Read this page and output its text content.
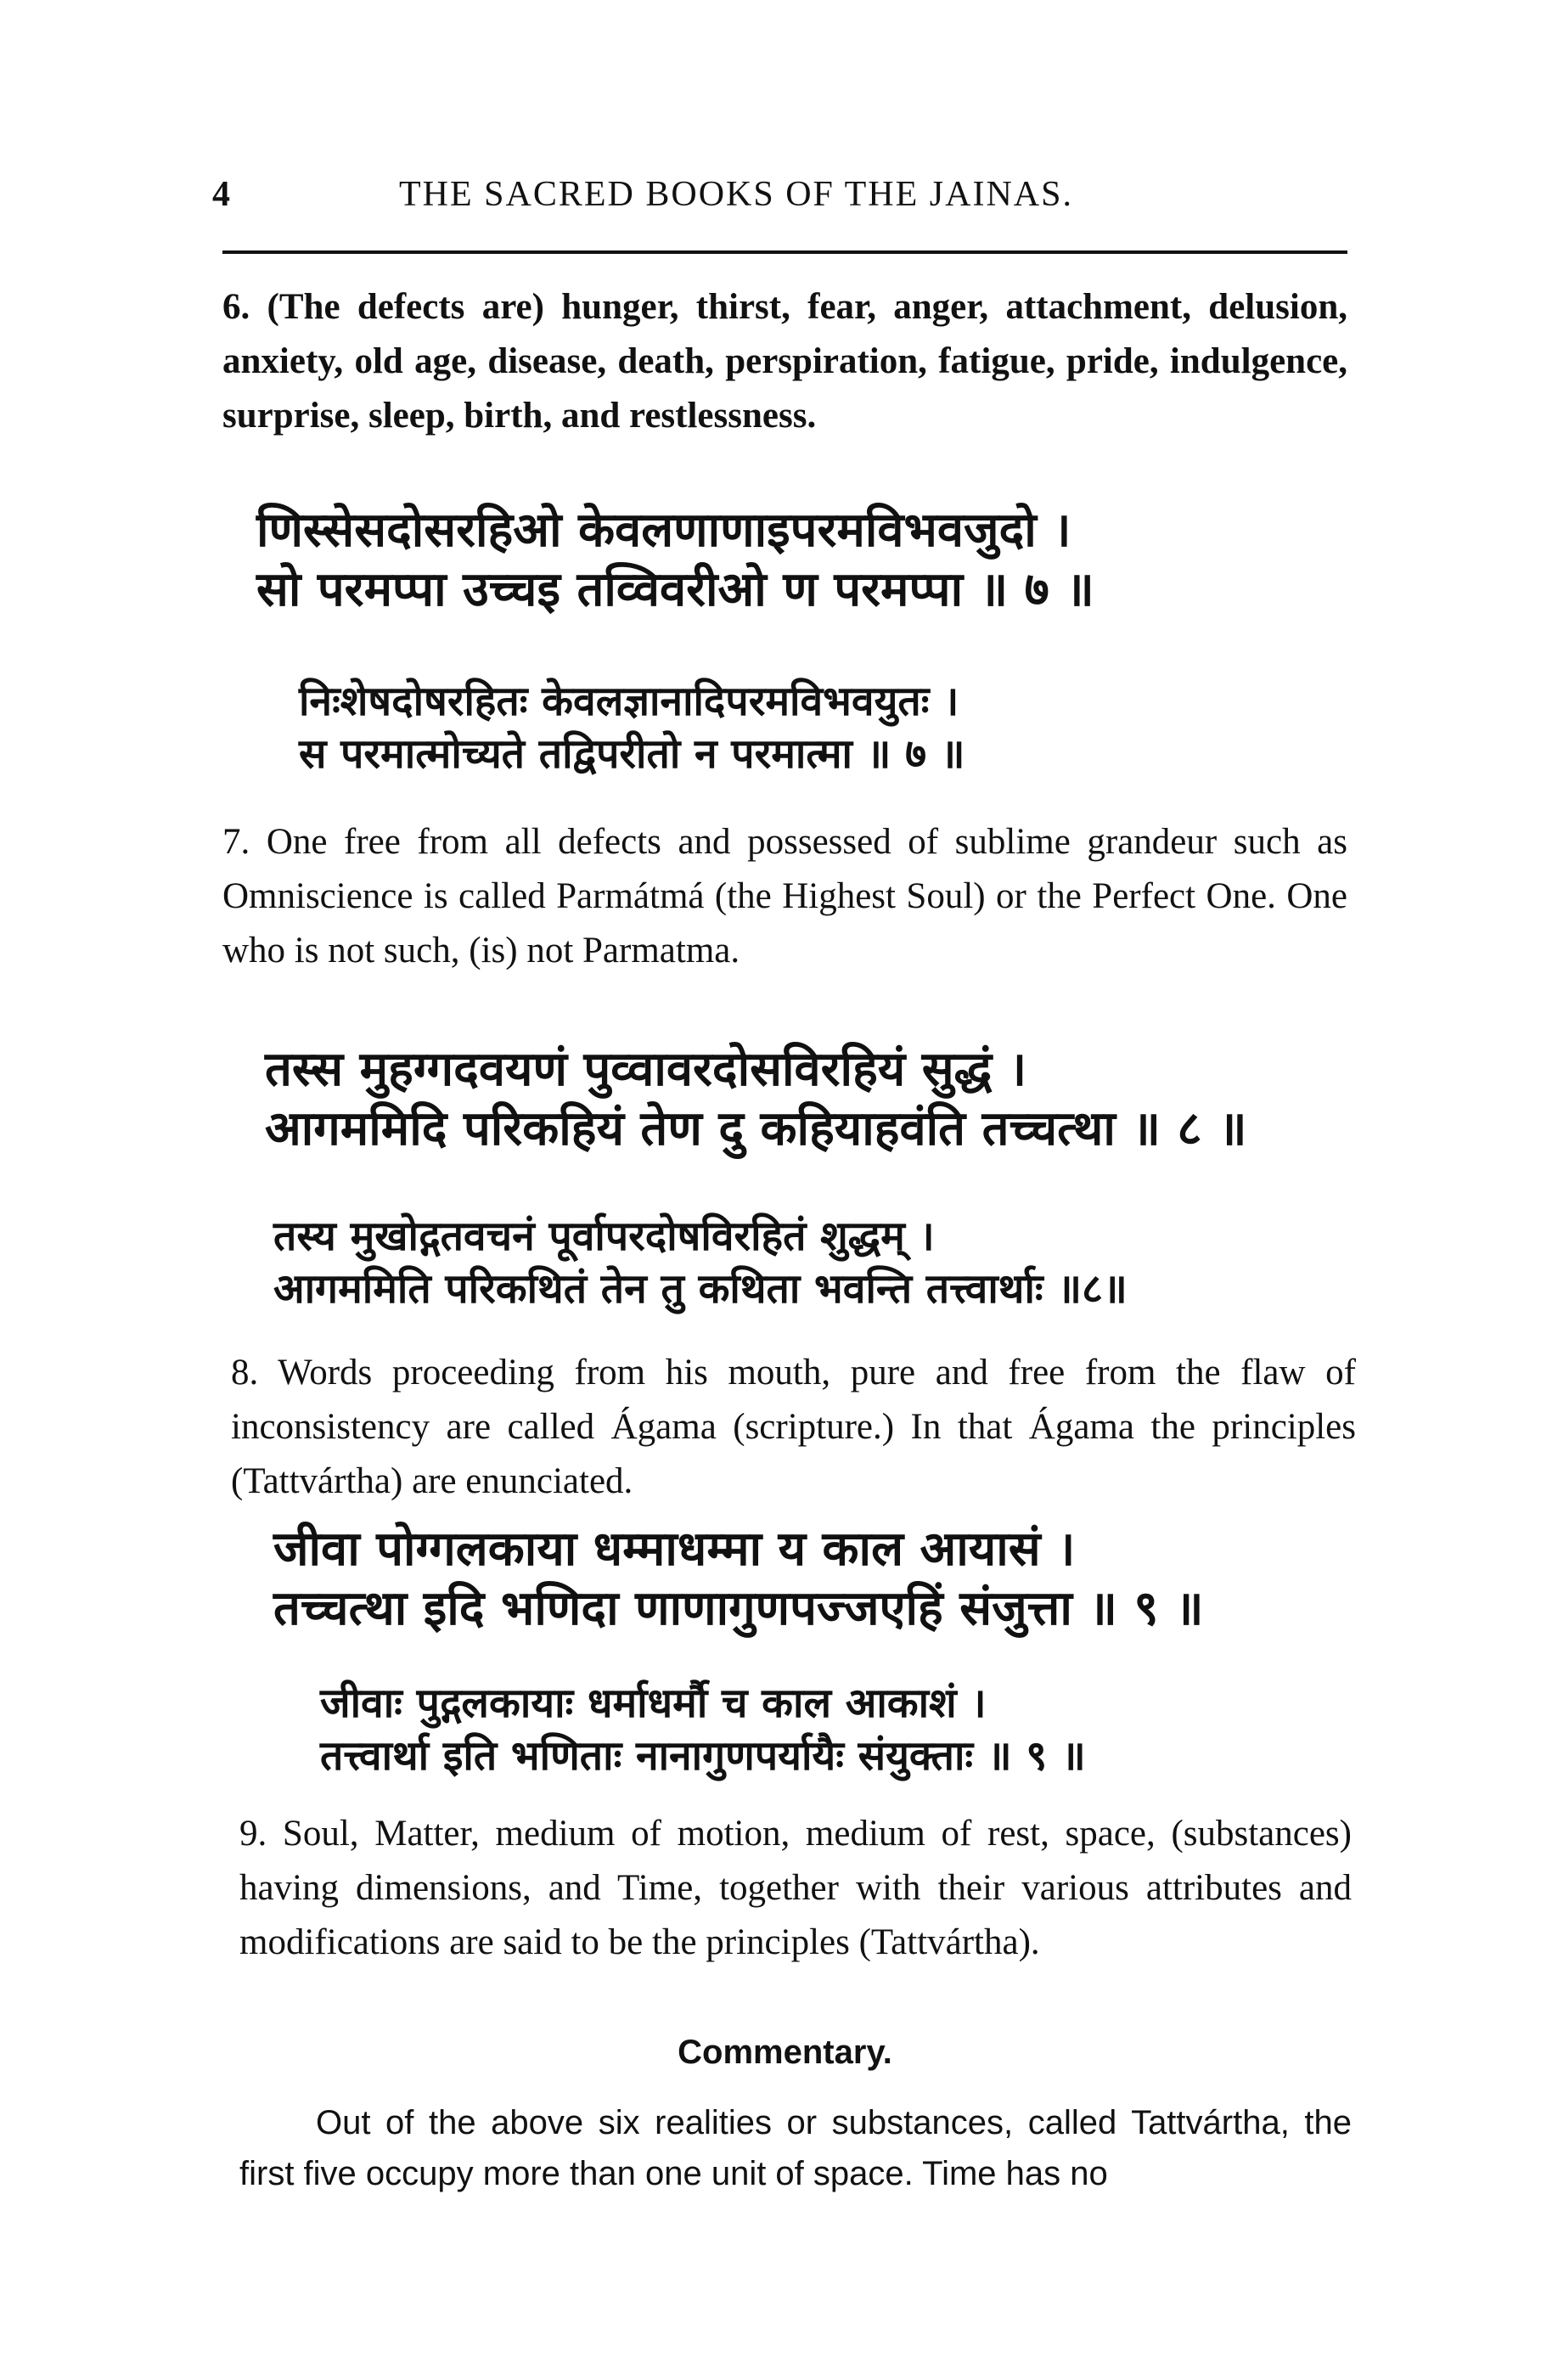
4	THE SACRED BOOKS OF THE JAINAS.
6. (The defects are) hunger, thirst, fear, anger, attachment, delusion, anxiety, old age, disease, death, perspiration, fatigue, pride, indulgence, surprise, sleep, birth, and restlessness.
णिस्सेसदोसरहिओ केवलणाणाइपरमविभवजुदो ।
सो परमप्पा उच्चइ तव्विवरीओ ण परमप्पा ॥ ७ ॥
निःशेषदोषरहितः केवलज्ञानादिपरमविभवयुतः ।
स परमात्मोच्यते तद्विपरीतो न परमात्मा ॥ ७ ॥
7. One free from all defects and possessed of sublime grandeur such as Omniscience is called Parmátmá (the Highest Soul) or the Perfect One. One who is not such, (is) not Parmatma.
तस्स मुहग्गदवयणं पुव्वावरदोसविरहियं सुद्धं ।
आगममिदि परिकहियं तेण दु कहियाहवंति तच्चत्था ॥ ८ ॥
तस्य मुखोद्गतवचनं पूर्वापरदोषविरहितं शुद्धम् ।
आगममिति परिकथितं तेन तु कथिता भवन्ति तत्त्वार्थाः ॥८॥
8. Words proceeding from his mouth, pure and free from the flaw of inconsistency are called Ágama (scripture.) In that Ágama the principles (Tattvártha) are enunciated.
जीवा पोग्गलकाया धम्माधम्मा य काल आयासं ।
तच्चत्था इदि भणिदा णाणागुणपज्जएहिं संजुत्ता ॥ ९ ॥
जीवाः पुद्गलकायाः धर्माधर्मौ च काल आकाशं ।
तत्त्वार्था इति भणिताः नानागुणपर्यायैः संयुक्ताः ॥ ९ ॥
9. Soul, Matter, medium of motion, medium of rest, space, (substances) having dimensions, and Time, together with their various attributes and modifications are said to be the principles (Tattvártha).
Commentary.
Out of the above six realities or substances, called Tattvártha, the first five occupy more than one unit of space. Time has no
